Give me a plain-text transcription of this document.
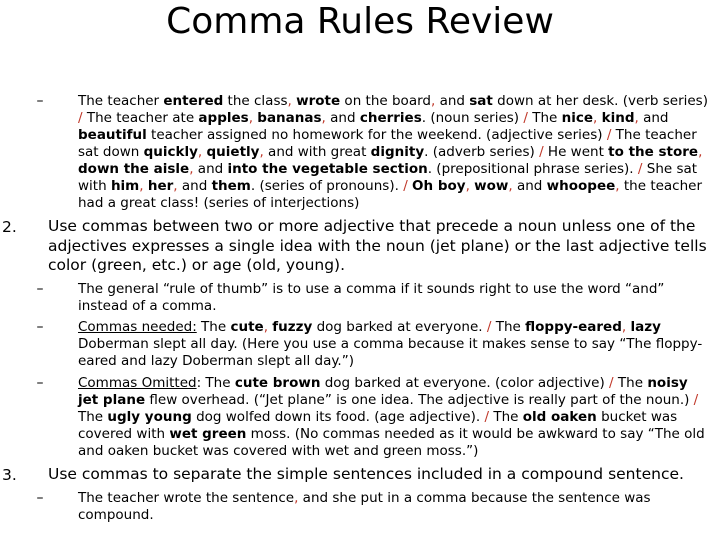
Comma Rules Review
–	The teacher entered the class, wrote on the board, and sat down at her desk. (verb series) / The teacher ate apples, bananas, and cherries. (noun series) / The nice, kind, and beautiful teacher assigned no homework for the weekend. (adjective series) / The teacher sat down quickly, quietly, and with great dignity. (adverb series) / He went to the store, down the aisle, and into the vegetable section. (prepositional phrase series). / She sat with him, her, and them. (series of pronouns). / Oh boy, wow, and whoopee, the teacher had a great class! (series of interjections)

2. Use commas between two or more adjective that precede a noun unless one of the adjectives expresses a single idea with the noun (jet plane) or the last adjective tells color (green, etc.) or age (old, young).

–	The general “rule of thumb” is to use a comma if it sounds right to use the word “and” instead of a comma.

–	Commas needed: The cute, fuzzy dog barked at everyone. / The floppy-eared, lazy Doberman slept all day. (Here you use a comma because it makes sense to say “The floppy-eared and lazy Doberman slept all day.”)

–	Commas Omitted: The cute brown dog barked at everyone. (color adjective) / The noisy jet plane flew overhead. (“Jet plane” is one idea. The adjective is really part of the noun.) / The ugly young dog wolfed down its food. (age adjective). / The old oaken bucket was covered with wet green moss. (No commas needed as it would be awkward to say “The old and oaken bucket was covered with wet and green moss.”)

3. Use commas to separate the simple sentences included in a compound sentence.

–	The teacher wrote the sentence, and she put in a comma because the sentence was compound.
